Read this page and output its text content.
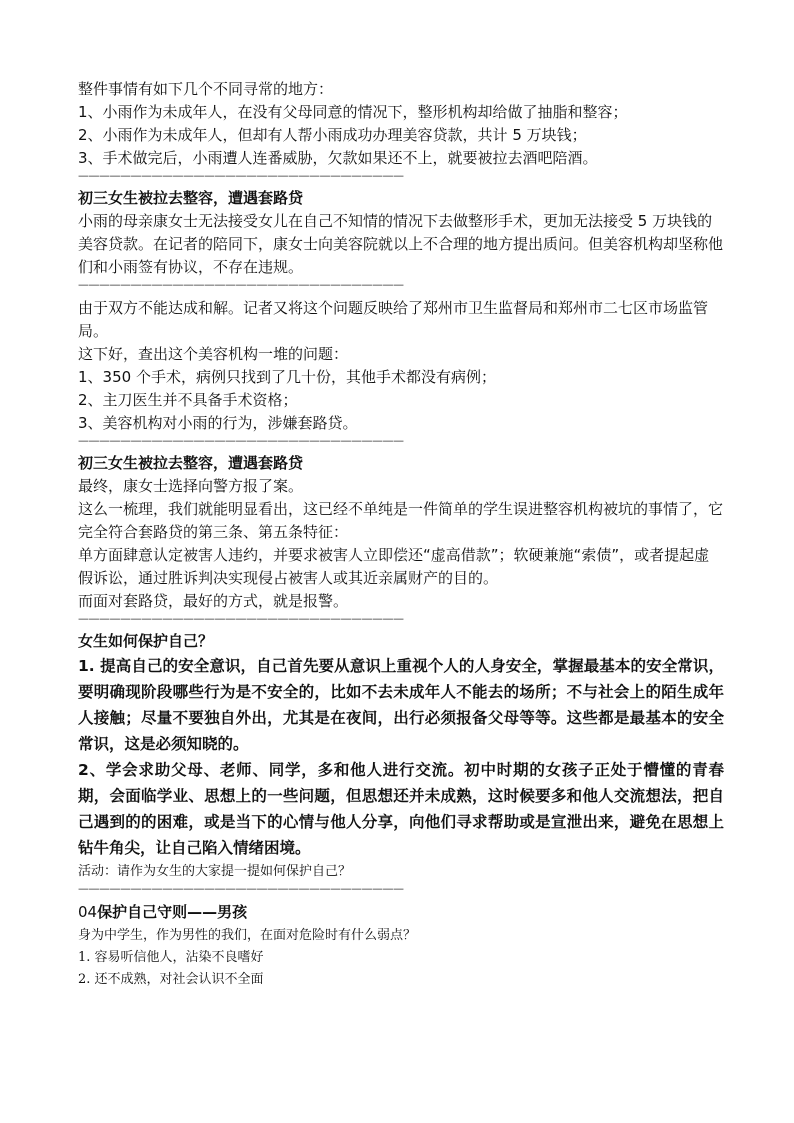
整件事情有如下几个不同寻常的地方：

1、小雨作为未成年人，在没有父母同意的情况下，整形机构却给做了抽脂和整容；

2、小雨作为未成年人，但却有人帮小雨成功办理美容贷款，共计 5 万块钱；

3、手术做完后，小雨遭人连番威胁，欠款如果还不上，就要被拉去酒吧陪酒。

———————————————————————————————

初三女生被拉去整容，遭遇套路贷

小雨的母亲康女士无法接受女儿在自己不知情的情况下去做整形手术，更加无法接受 5 万块钱的美容贷款。在记者的陪同下，康女士向美容院就以上不合理的地方提出质问。但美容机构却坚称他们和小雨签有协议，不存在违规。

———————————————————————————————

由于双方不能达成和解。记者又将这个问题反映给了郑州市卫生监督局和郑州市二七区市场监管局。

这下好，查出这个美容机构一堆的问题：

1、350 个手术，病例只找到了几十份，其他手术都没有病例；

2、主刀医生并不具备手术资格；

3、美容机构对小雨的行为，涉嫌套路贷。

———————————————————————————————

初三女生被拉去整容，遭遇套路贷

最终，康女士选择向警方报了案。

这么一梳理，我们就能明显看出，这已经不单纯是一件简单的学生误进整容机构被坑的事情了，它完全符合套路贷的第三条、第五条特征：

单方面肆意认定被害人违约，并要求被害人立即偿还“虚高借款”；软硬兼施“索债”，或者提起虚假诉讼，通过胜诉判决实现侵占被害人或其近亲属财产的目的。

而面对套路贷，最好的方式，就是报警。

———————————————————————————————

女生如何保护自己？

1. 提高自己的安全意识，自己首先要从意识上重视个人的人身安全，掌握最基本的安全常识，要明确现阶段哪些行为是不安全的，比如不去未成年人不能去的场所；不与社会上的陌生成年人接触；尽量不要独自外出，尤其是在夜间，出行必须报备父母等等。这些都是最基本的安全常识，这是必须知晓的。

2、学会求助父母、老师、同学，多和他人进行交流。初中时期的女孩子正处于懵懂的青春期，会面临学业、思想上的一些问题，但思想还并未成熟，这时候要多和他人交流想法，把自己遇到的的困难，或是当下的心情与他人分享，向他们寻求帮助或是宣泄出来，避免在思想上钻牛角尖，让自己陷入情绪困境。

活动：请作为女生的大家提一提如何保护自己？

———————————————————————————————

04保护自己守则——男孩

身为中学生，作为男性的我们，在面对危险时有什么弱点？

1. 容易听信他人，沾染不良嗜好

2. 还不成熟，对社会认识不全面
